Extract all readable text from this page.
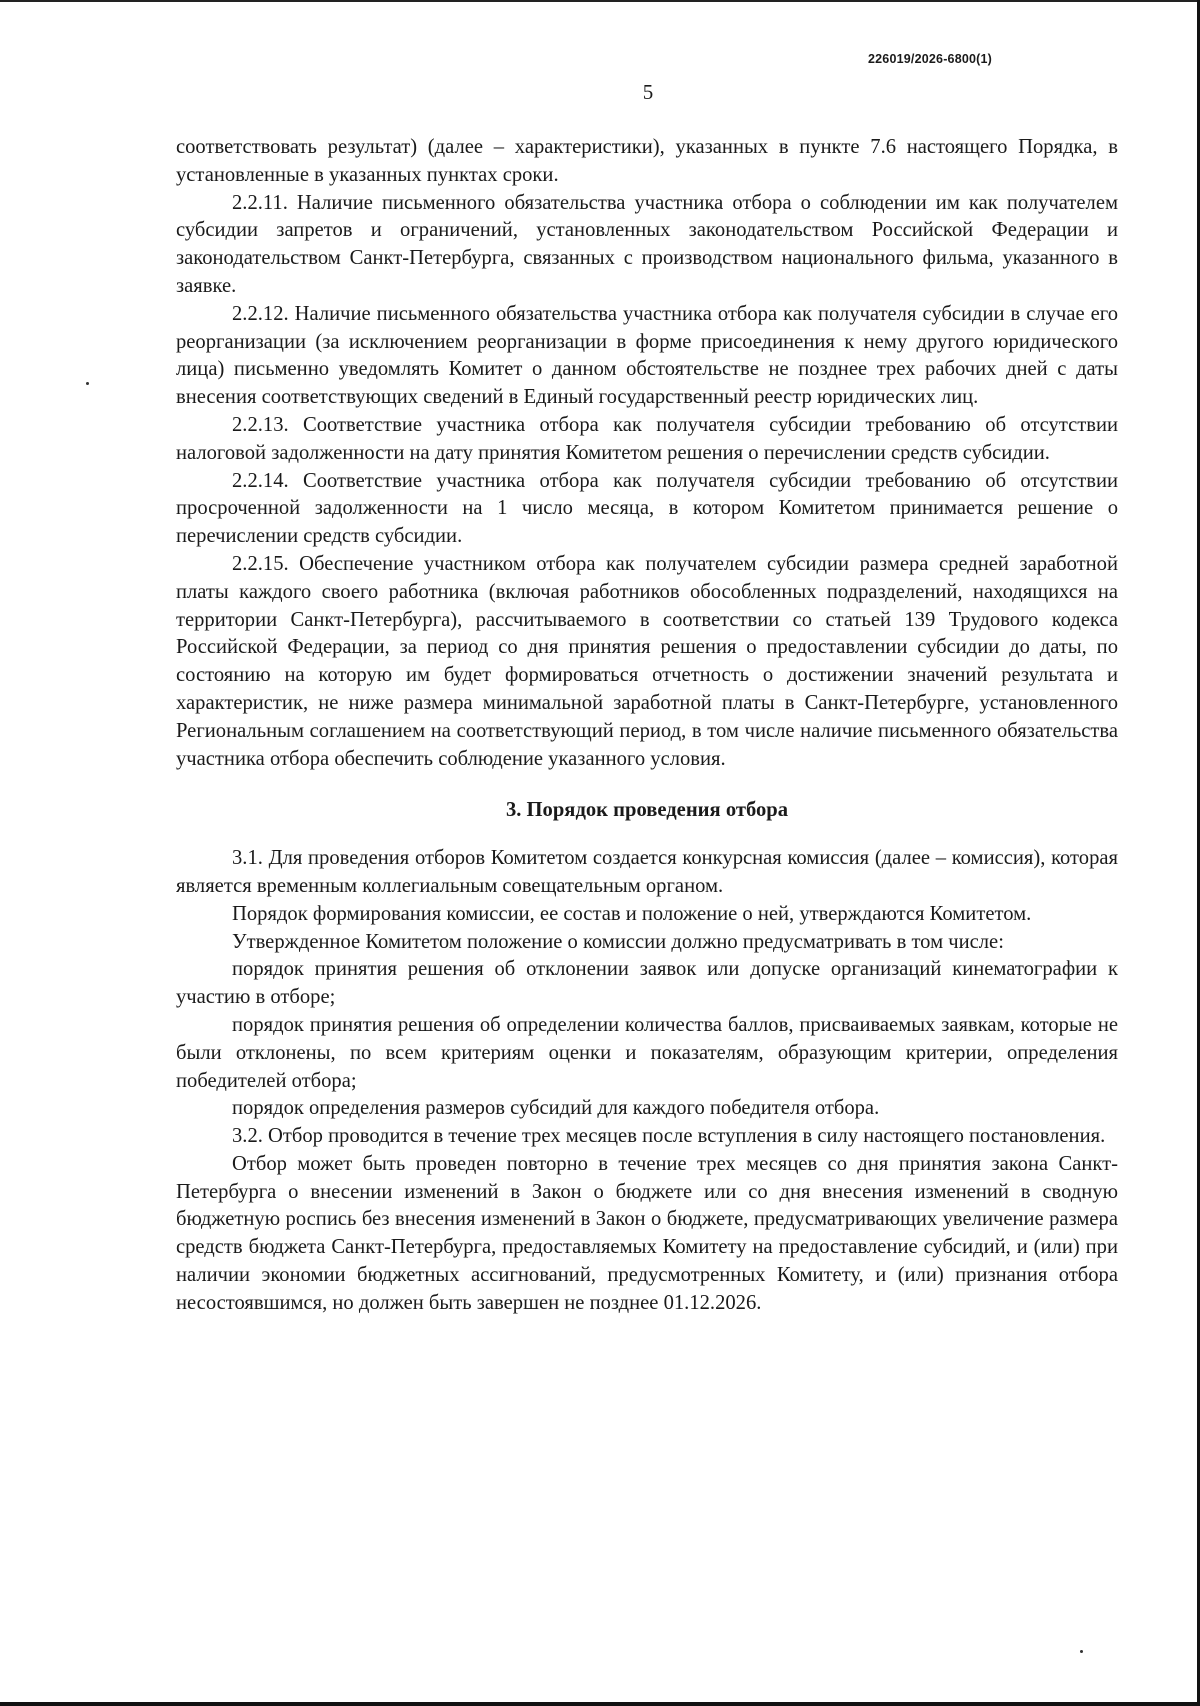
226019/2026-6800(1)
5

соответствовать результат) (далее – характеристики), указанных в пункте 7.6 настоящего Порядка, в установленные в указанных пунктах сроки.

2.2.11. Наличие письменного обязательства участника отбора о соблюдении им как получателем субсидии запретов и ограничений, установленных законодательством Российской Федерации и законодательством Санкт-Петербурга, связанных с производством национального фильма, указанного в заявке.

2.2.12. Наличие письменного обязательства участника отбора как получателя субсидии в случае его реорганизации (за исключением реорганизации в форме присоединения к нему другого юридического лица) письменно уведомлять Комитет о данном обстоятельстве не позднее трех рабочих дней с даты внесения соответствующих сведений в Единый государственный реестр юридических лиц.

2.2.13. Соответствие участника отбора как получателя субсидии требованию об отсутствии налоговой задолженности на дату принятия Комитетом решения о перечислении средств субсидии.

2.2.14. Соответствие участника отбора как получателя субсидии требованию об отсутствии просроченной задолженности на 1 число месяца, в котором Комитетом принимается решение о перечислении средств субсидии.

2.2.15. Обеспечение участником отбора как получателем субсидии размера средней заработной платы каждого своего работника (включая работников обособленных подразделений, находящихся на территории Санкт-Петербурга), рассчитываемого в соответствии со статьей 139 Трудового кодекса Российской Федерации, за период со дня принятия решения о предоставлении субсидии до даты, по состоянию на которую им будет формироваться отчетность о достижении значений результата и характеристик, не ниже размера минимальной заработной платы в Санкт-Петербурге, установленного Региональным соглашением на соответствующий период, в том числе наличие письменного обязательства участника отбора обеспечить соблюдение указанного условия.

3. Порядок проведения отбора

3.1. Для проведения отборов Комитетом создается конкурсная комиссия (далее – комиссия), которая является временным коллегиальным совещательным органом.

Порядок формирования комиссии, ее состав и положение о ней, утверждаются Комитетом.

Утвержденное Комитетом положение о комиссии должно предусматривать в том числе:

порядок принятия решения об отклонении заявок или допуске организаций кинематографии к участию в отборе;

порядок принятия решения об определении количества баллов, присваиваемых заявкам, которые не были отклонены, по всем критериям оценки и показателям, образующим критерии, определения победителей отбора;

порядок определения размеров субсидий для каждого победителя отбора.

3.2. Отбор проводится в течение трех месяцев после вступления в силу настоящего постановления.

Отбор может быть проведен повторно в течение трех месяцев со дня принятия закона Санкт-Петербурга о внесении изменений в Закон о бюджете или со дня внесения изменений в сводную бюджетную роспись без внесения изменений в Закон о бюджете, предусматривающих увеличение размера средств бюджета Санкт-Петербурга, предоставляемых Комитету на предоставление субсидий, и (или) при наличии экономии бюджетных ассигнований, предусмотренных Комитету, и (или) признания отбора несостоявшимся, но должен быть завершен не позднее 01.12.2026.
